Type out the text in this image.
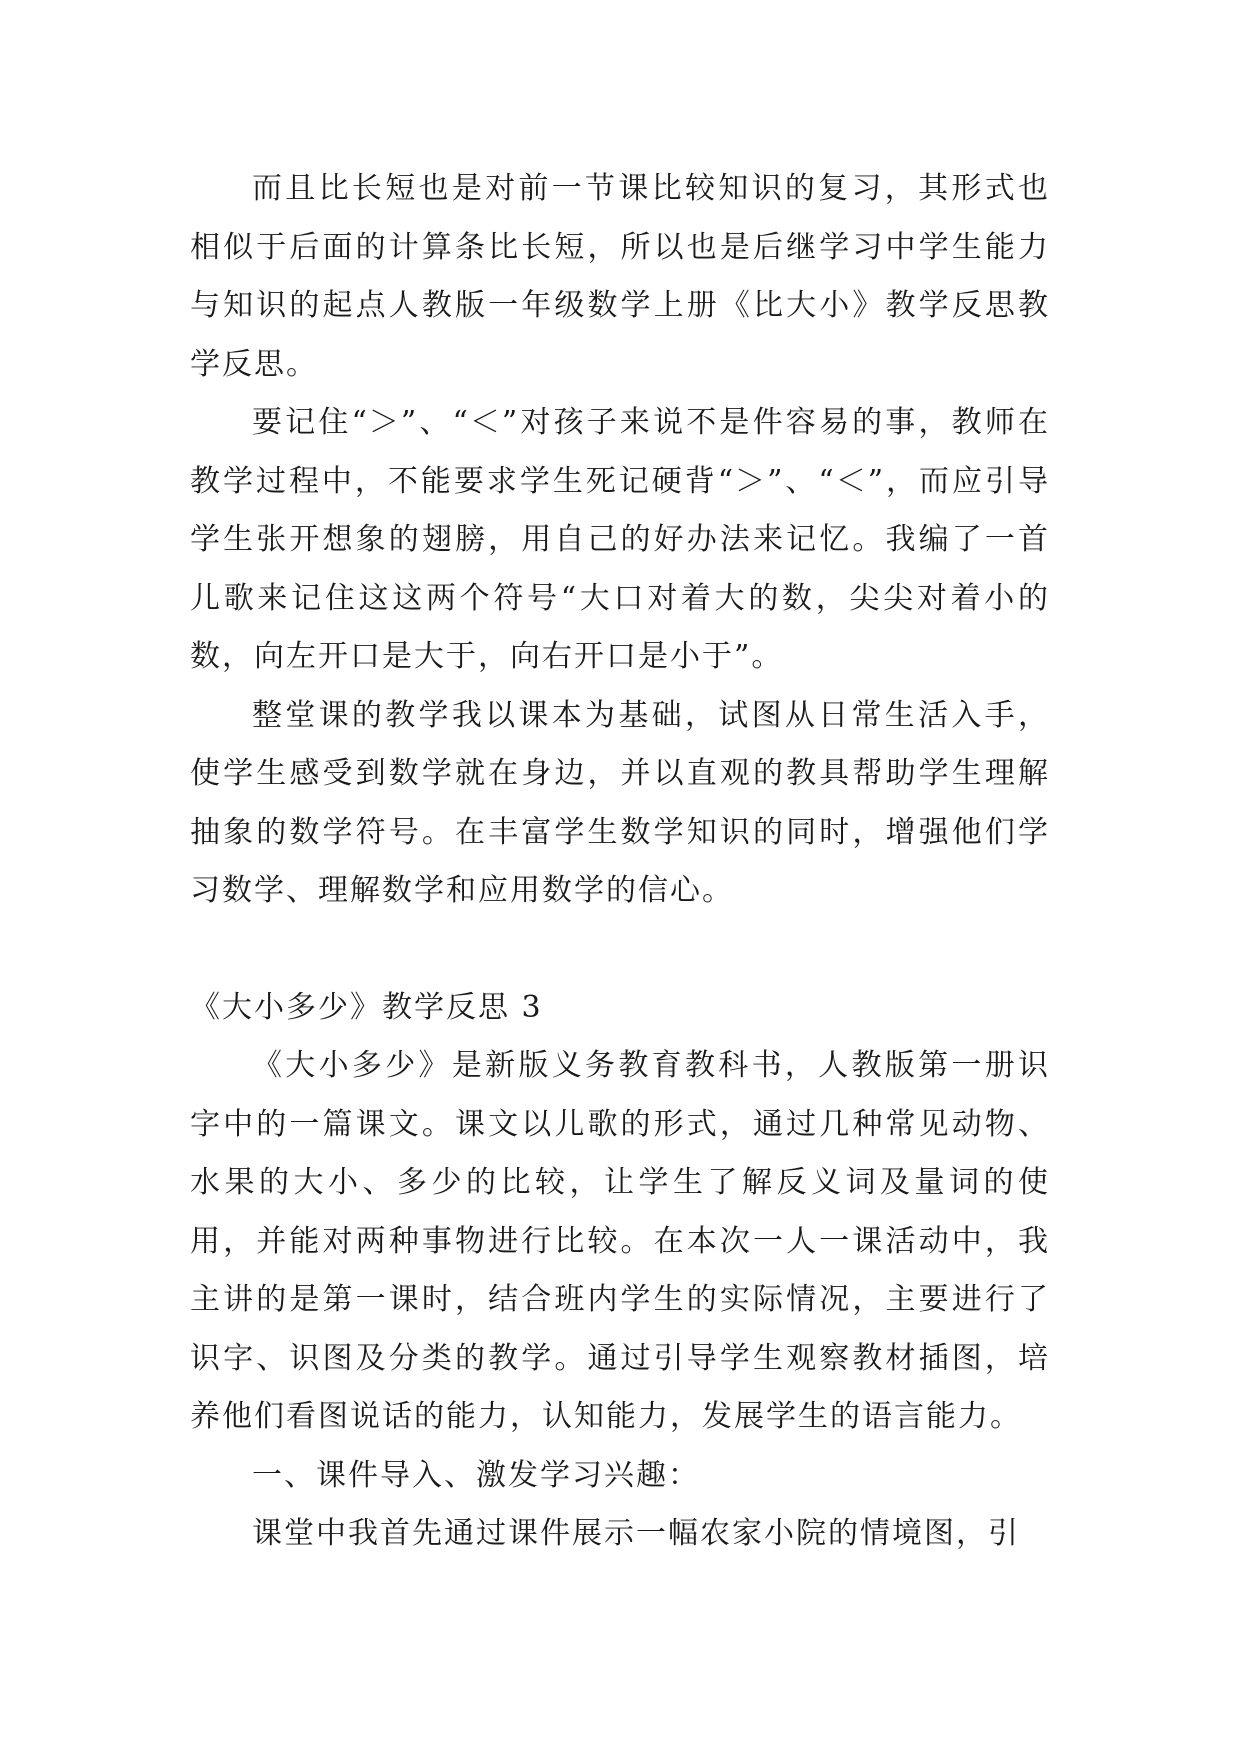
而且比长短也是对前一节课比较知识的复习，其形式也相似于后面的计算条比长短，所以也是后继学习中学生能力与知识的起点人教版一年级数学上册《比大小》教学反思教学反思。

要记住“＞”、“＜”对孩子来说不是件容易的事，教师在教学过程中，不能要求学生死记硬背“＞”、“＜”，而应引导学生张开想象的翅膀，用自己的好办法来记忆。我编了一首儿歌来记住这这两个符号“大口对着大的数，尖尖对着小的数，向左开口是大于，向右开口是小于”。

整堂课的教学我以课本为基础，试图从日常生活入手，使学生感受到数学就在身边，并以直观的教具帮助学生理解抽象的数学符号。在丰富学生数学知识的同时，增强他们学习数学、理解数学和应用数学的信心。

《大小多少》教学反思 3

《大小多少》是新版义务教育教科书，人教版第一册识字中的一篇课文。课文以儿歌的形式，通过几种常见动物、水果的大小、多少的比较，让学生了解反义词及量词的使用，并能对两种事物进行比较。在本次一人一课活动中，我主讲的是第一课时，结合班内学生的实际情况，主要进行了识字、识图及分类的教学。通过引导学生观察教材插图，培养他们看图说话的能力，认知能力，发展学生的语言能力。

一、课件导入、激发学习兴趣：

课堂中我首先通过课件展示一幅农家小院的情境图，引
